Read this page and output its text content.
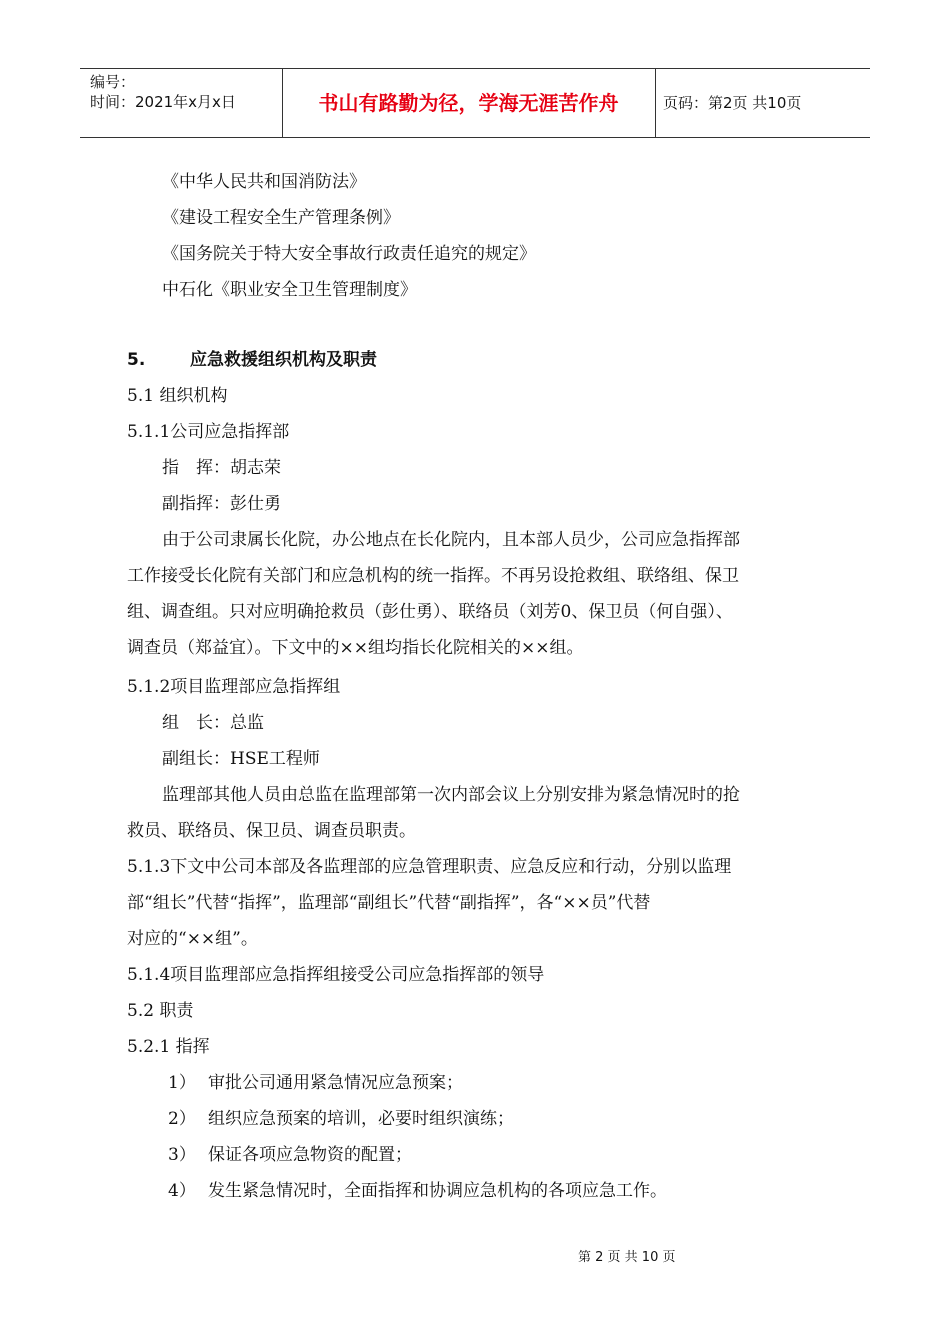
编号：
时间：2021年x月x日	书山有路勤为径，学海无涯苦作舟	页码：第2页 共10页
《中华人民共和国消防法》
《建设工程安全生产管理条例》
《国务院关于特大安全事故行政责任追究的规定》
中石化《职业安全卫生管理制度》
5.	应急救援组织机构及职责
5.1 组织机构
5.1.1公司应急指挥部
指　挥：胡志荣
副指挥：彭仕勇
由于公司隶属长化院，办公地点在长化院内，且本部人员少，公司应急指挥部
工作接受长化院有关部门和应急机构的统一指挥。不再另设抢救组、联络组、保卫
组、调查组。只对应明确抢救员（彭仕勇）、联络员（刘芳0、保卫员（何自强）、
调查员（郑益宜）。下文中的××组均指长化院相关的××组。
5.1.2项目监理部应急指挥组
组　长：总监
副组长：HSE工程师
监理部其他人员由总监在监理部第一次内部会议上分别安排为紧急情况时的抢
救员、联络员、保卫员、调查员职责。
5.1.3下文中公司本部及各监理部的应急管理职责、应急反应和行动，分别以监理
部“组长”代替“指挥”，监理部“副组长”代替“副指挥”，各“××员”代替
对应的“××组”。
5.1.4项目监理部应急指挥组接受公司应急指挥部的领导
5.2 职责
5.2.1 指挥
1） 审批公司通用紧急情况应急预案；
2） 组织应急预案的培训，必要时组织演练；
3） 保证各项应急物资的配置；
4） 发生紧急情况时，全面指挥和协调应急机构的各项应急工作。
第 2 页 共 10 页
